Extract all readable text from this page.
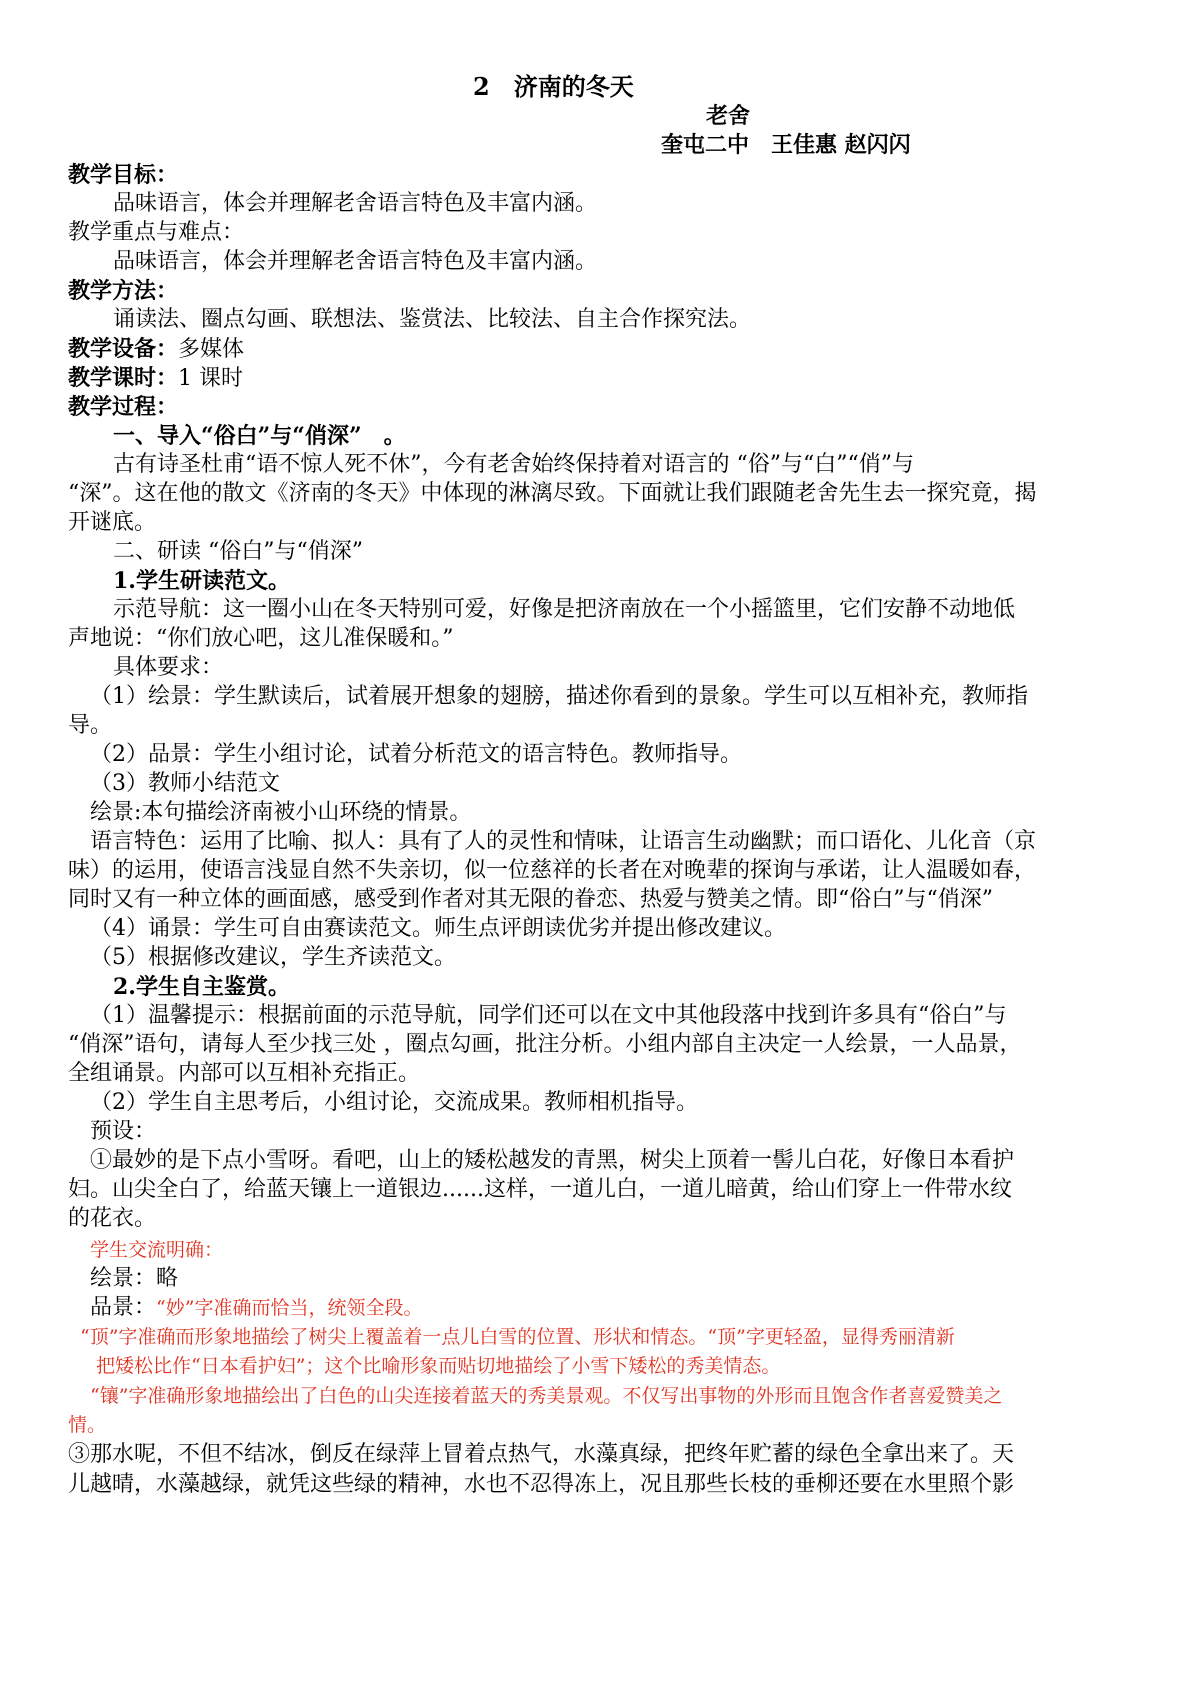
2　济南的冬天
老舍
奎屯二中　王佳惠 赵闪闪
教学目标：
品味语言，体会并理解老舍语言特色及丰富内涵。
教学重点与难点：
品味语言，体会并理解老舍语言特色及丰富内涵。
教学方法：
诵读法、圈点勾画、联想法、鉴赏法、比较法、自主合作探究法。
教学设备：多媒体
教学课时：1 课时
教学过程：
一、导入“俗白”与“俏深”　。
古有诗圣杜甫“语不惊人死不休”，今有老舍始终保持着对语言的 “俗”与“白”“俏”与
“深”。这在他的散文《济南的冬天》中体现的淋漓尽致。下面就让我们跟随老舍先生去一探究竟，揭
开谜底。
二、研读 “俗白”与“俏深”
1.学生研读范文。
示范导航：这一圈小山在冬天特别可爱，好像是把济南放在一个小摇篮里，它们安静不动地低
声地说：“你们放心吧，这儿准保暖和。”
具体要求：
（1）绘景：学生默读后，试着展开想象的翅膀，描述你看到的景象。学生可以互相补充，教师指
导。
（2）品景：学生小组讨论，试着分析范文的语言特色。教师指导。
（3）教师小结范文
绘景:本句描绘济南被小山环绕的情景。
语言特色：运用了比喻、拟人：具有了人的灵性和情味，让语言生动幽默；而口语化、儿化音（京
味）的运用，使语言浅显自然不失亲切，似一位慈祥的长者在对晚辈的探询与承诺，让人温暖如春，
同时又有一种立体的画面感，感受到作者对其无限的眷恋、热爱与赞美之情。即“俗白”与“俏深”
（4）诵景：学生可自由赛读范文。师生点评朗读优劣并提出修改建议。
（5）根据修改建议，学生齐读范文。
2.学生自主鉴赏。
（1）温馨提示：根据前面的示范导航，同学们还可以在文中其他段落中找到许多具有“俗白”与
“俏深”语句，请每人至少找三处 ，圈点勾画，批注分析。小组内部自主决定一人绘景，一人品景，
全组诵景。内部可以互相补充指正。
（2）学生自主思考后，小组讨论，交流成果。教师相机指导。
预设：
①最妙的是下点小雪呀。看吧，山上的矮松越发的青黑，树尖上顶着一髻儿白花，好像日本看护
妇。山尖全白了，给蓝天镶上一道银边......这样，一道儿白，一道儿暗黄，给山们穿上一件带水纹
的花衣。
学生交流明确：
绘景：略
品景：“妙”字准确而恰当，统领全段。
“顶”字准确而形象地描绘了树尖上覆盖着一点儿白雪的位置、形状和情态。“顶”字更轻盈，显得秀丽清新
把矮松比作“日本看护妇”；这个比喻形象而贴切地描绘了小雪下矮松的秀美情态。
“镶”字准确形象地描绘出了白色的山尖连接着蓝天的秀美景观。不仅写出事物的外形而且饱含作者喜爱赞美之
情。
③那水呢，不但不结冰，倒反在绿萍上冒着点热气，水藻真绿，把终年贮蓄的绿色全拿出来了。天
儿越晴，水藻越绿，就凭这些绿的精神，水也不忍得冻上，况且那些长枝的垂柳还要在水里照个影
